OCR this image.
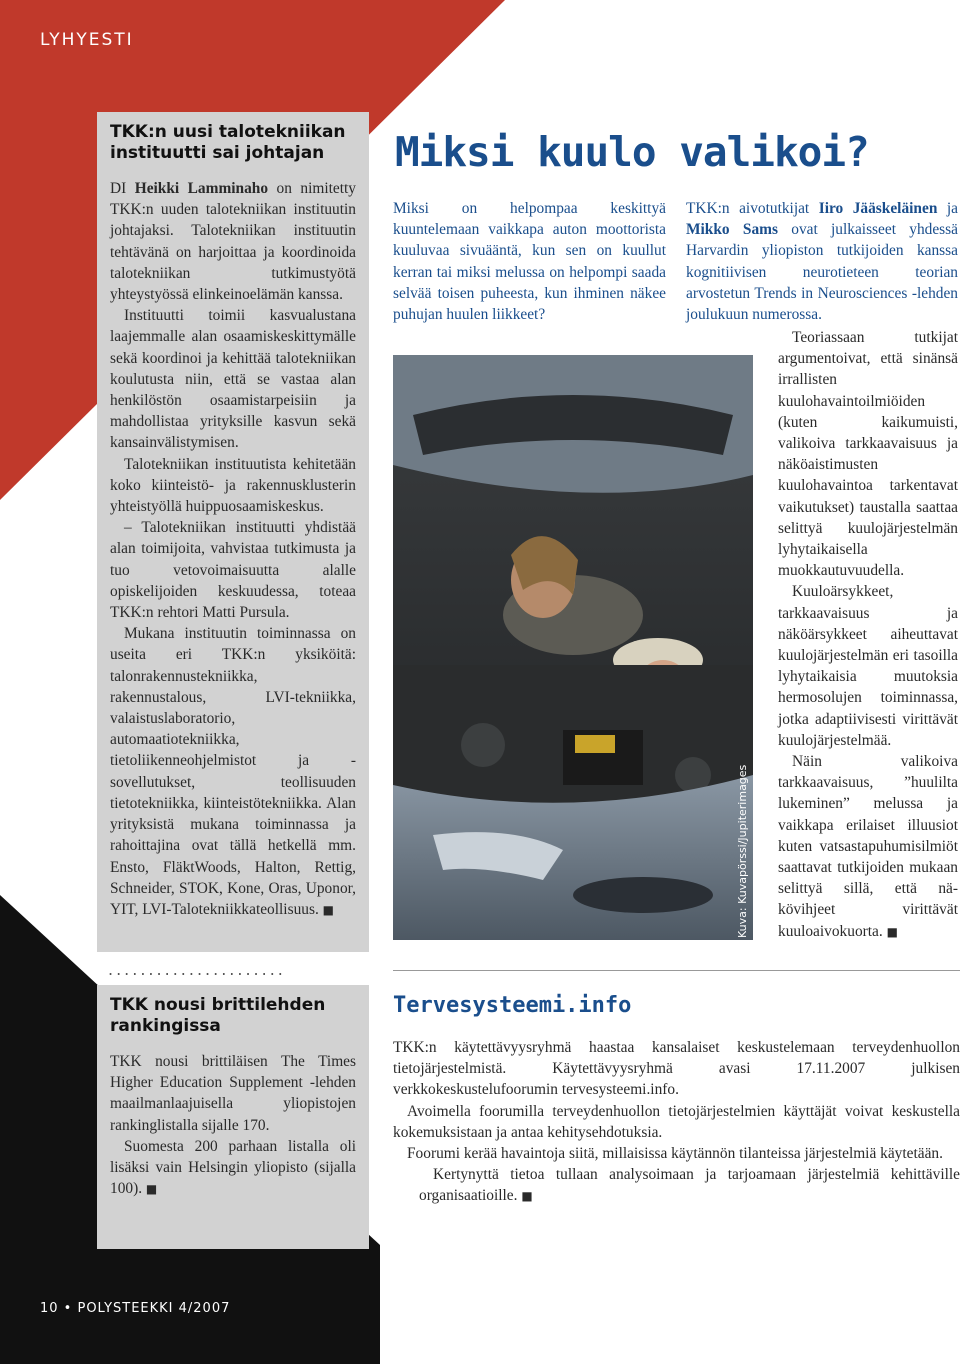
LYHYESTI
TKK:n uusi talotekniikan instituutti sai johtajan

DI Heikki Lamminaho on nimitetty TKK:n uuden talotekniikan instituutin johtajaksi. Talotekniikan instituutin tehtävänä on harjoittaa ja koordinoida talotekniikan tutkimustyötä yhteystyössä elinkeinoelämän kanssa.

Instituutti toimii kasvualustana laajemmalle alan osaamiskeskittymälle sekä koordinoi ja kehittää talotekniikan koulutusta niin, että se vastaa alan henkilöstön osaamistarpeisiin ja mahdollistaa yrityksille kasvun sekä kansainvälistymisen.

Talotekniikan instituutista kehitetään koko kiinteistö- ja rakennusklusterin yhteistyöllä huippuosaamiskeskus.

– Talotekniikan instituutti yhdistää alan toimijoita, vahvistaa tutkimusta ja tuo vetovoimaisuutta alalle opiskelijoiden keskuudessa, toteaa TKK:n rehtori Matti Pursula.

Mukana instituutin toiminnassa on useita eri TKK:n yksiköitä: talonrakennustekniikka, rakennustalous, LVI-tekniikka, valaistuslaboratorio, automaatiotekniikka, tietoliikenneohjelmistot ja -sovellutukset, teollisuuden tietotekniikka, kiinteistötekniikka. Alan yrityksistä mukana toiminnassa ja rahoittajina ovat tällä hetkellä mm. Ensto, FläktWoods, Halton, Rettig, Schneider, STOK, Kone, Oras, Uponor, YIT, LVI-Talotekniikkateollisuus. ■

......................
TKK nousi brittilehden rankingissa

TKK nousi brittiläisen The Times Higher Education Supplement -lehden maailmanlaajuisella yliopistojen rankinglistalla sijalle 170.

Suomesta 200 parhaan listalla oli lisäksi vain Helsingin yliopisto (sijalla 100). ■

Miksi kuulo valikoi?

Miksi on helpompaa keskittyä kuuntelemaan vaikkapa auton moottorista kuuluvaa sivuääntä, kun sen on kuullut kerran tai miksi melussa on helpompi saada selvää toisen puheesta, kun ihminen näkee puhujan huulen liikkeet?

TKK:n aivotutkijat Iiro Jääskeläinen ja Mikko Sams ovat julkaisseet yhdessä Harvardin yliopiston tutkijoiden kanssa kognitiivisen neurotieteen teorian arvostetun Trends in Neurosciences -lehden joulukuun numerossa.

Kuva: Kuvapörssi/Jupiterimages

Teoriassaan tutkijat argumentoivat, että sinänsä irrallisten kuulohavaintoilmiöiden (kuten kaikumuisti, valikoiva tarkkaavaisuus ja näköaistimusten kuulohavaintoa tarkentavat vaikutukset) taustalla saattaa selittyä kuulojärjestelmän lyhytaikaisella muokkautuvuudella.

Kuuloärsykkeet, tarkkaavaisuus ja näköärsykkeet aiheuttavat kuulojärjestelmän eri tasoilla lyhytaikaisia muutoksia hermosolujen toiminnassa, jotka adaptiivisesti virittävät kuulojärjestelmää.

Näin valikoiva tarkkaavaisuus, ”huulilta lukeminen” melussa ja vaikkapa erilaiset illuusiot kuten vatsastapuhumisilmiöt saattavat tutkijoiden mukaan selittyä sillä, että nä-kövihjeet virittävät kuuloaivokuorta. ■

Tervesysteemi.info

TKK:n käytettävyysryhmä haastaa kansalaiset keskustelemaan terveydenhuollon tietojärjestelmistä. Käytettävyysryhmä avasi 17.11.2007 julkisen verkkokeskustelufoorumin tervesysteemi.info.

Avoimella foorumilla terveydenhuollon tietojärjestelmien käyttäjät voivat keskustella kokemuksistaan ja antaa kehitysehdotuksia.

Foorumi kerää havaintoja siitä, millaisissa käytännön tilanteissa järjestelmiä käytetään.

Kertynyttä tietoa tullaan analysoimaan ja tarjoamaan järjestelmiä kehittäville organisaatioille. ■

10 • POLYSTEEKKI 4/2007
